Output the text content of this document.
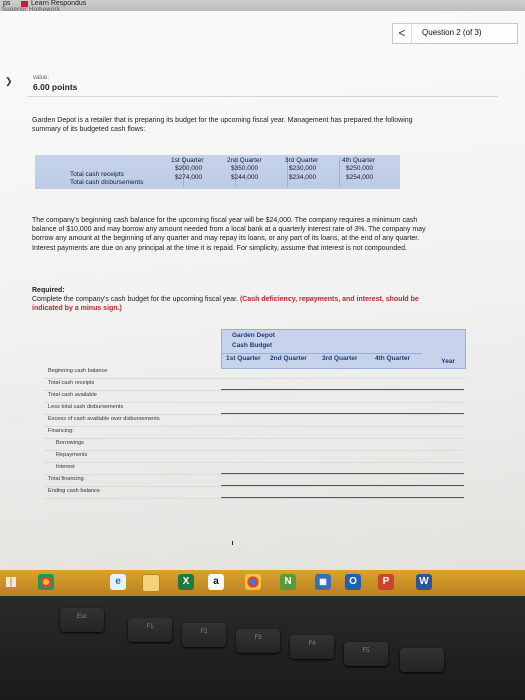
ps	Learn Respondus
Superior Homework
<	Question 2 (of 3)
❯	value:
6.00 points
Garden Depot is a retailer that is preparing its budget for the upcoming fiscal year. Management has prepared the following summary of its budgeted cash flows:
1st Quarter	2nd Quarter	3rd Quarter	4th Quarter
Total cash receipts
$200,000	$350,000	$230,000	$250,000
Total cash disbursements
$274,000	$244,000	$234,000	$254,000
The company's beginning cash balance for the upcoming fiscal year will be $24,000. The company requires a minimum cash balance of $10,000 and may borrow any amount needed from a local bank at a quarterly interest rate of 3%. The company may borrow any amount at the beginning of any quarter and may repay its loans, or any part of its loans, at the end of any quarter. Interest payments are due on any principal at the time it is repaid. For simplicity, assume that interest is not compounded.
Required:
Complete the company's cash budget for the upcoming fiscal year. (Cash deficiency, repayments, and interest, should be indicated by a minus sign.)
Garden Depot
Cash Budget
1st Quarter 2nd Quarter 3rd Quarter	4th Quarter	Year
Beginning cash balance
Total cash receipts
Total cash available
Less total cash disbursements
Excess of cash available over disbursements
Financing:
Borrowings
Repayments
Interest
Total financing
Ending cash balance
e	X	a	N	▦	O	P	W
Esc
F1
F2
F3
F4
F5
